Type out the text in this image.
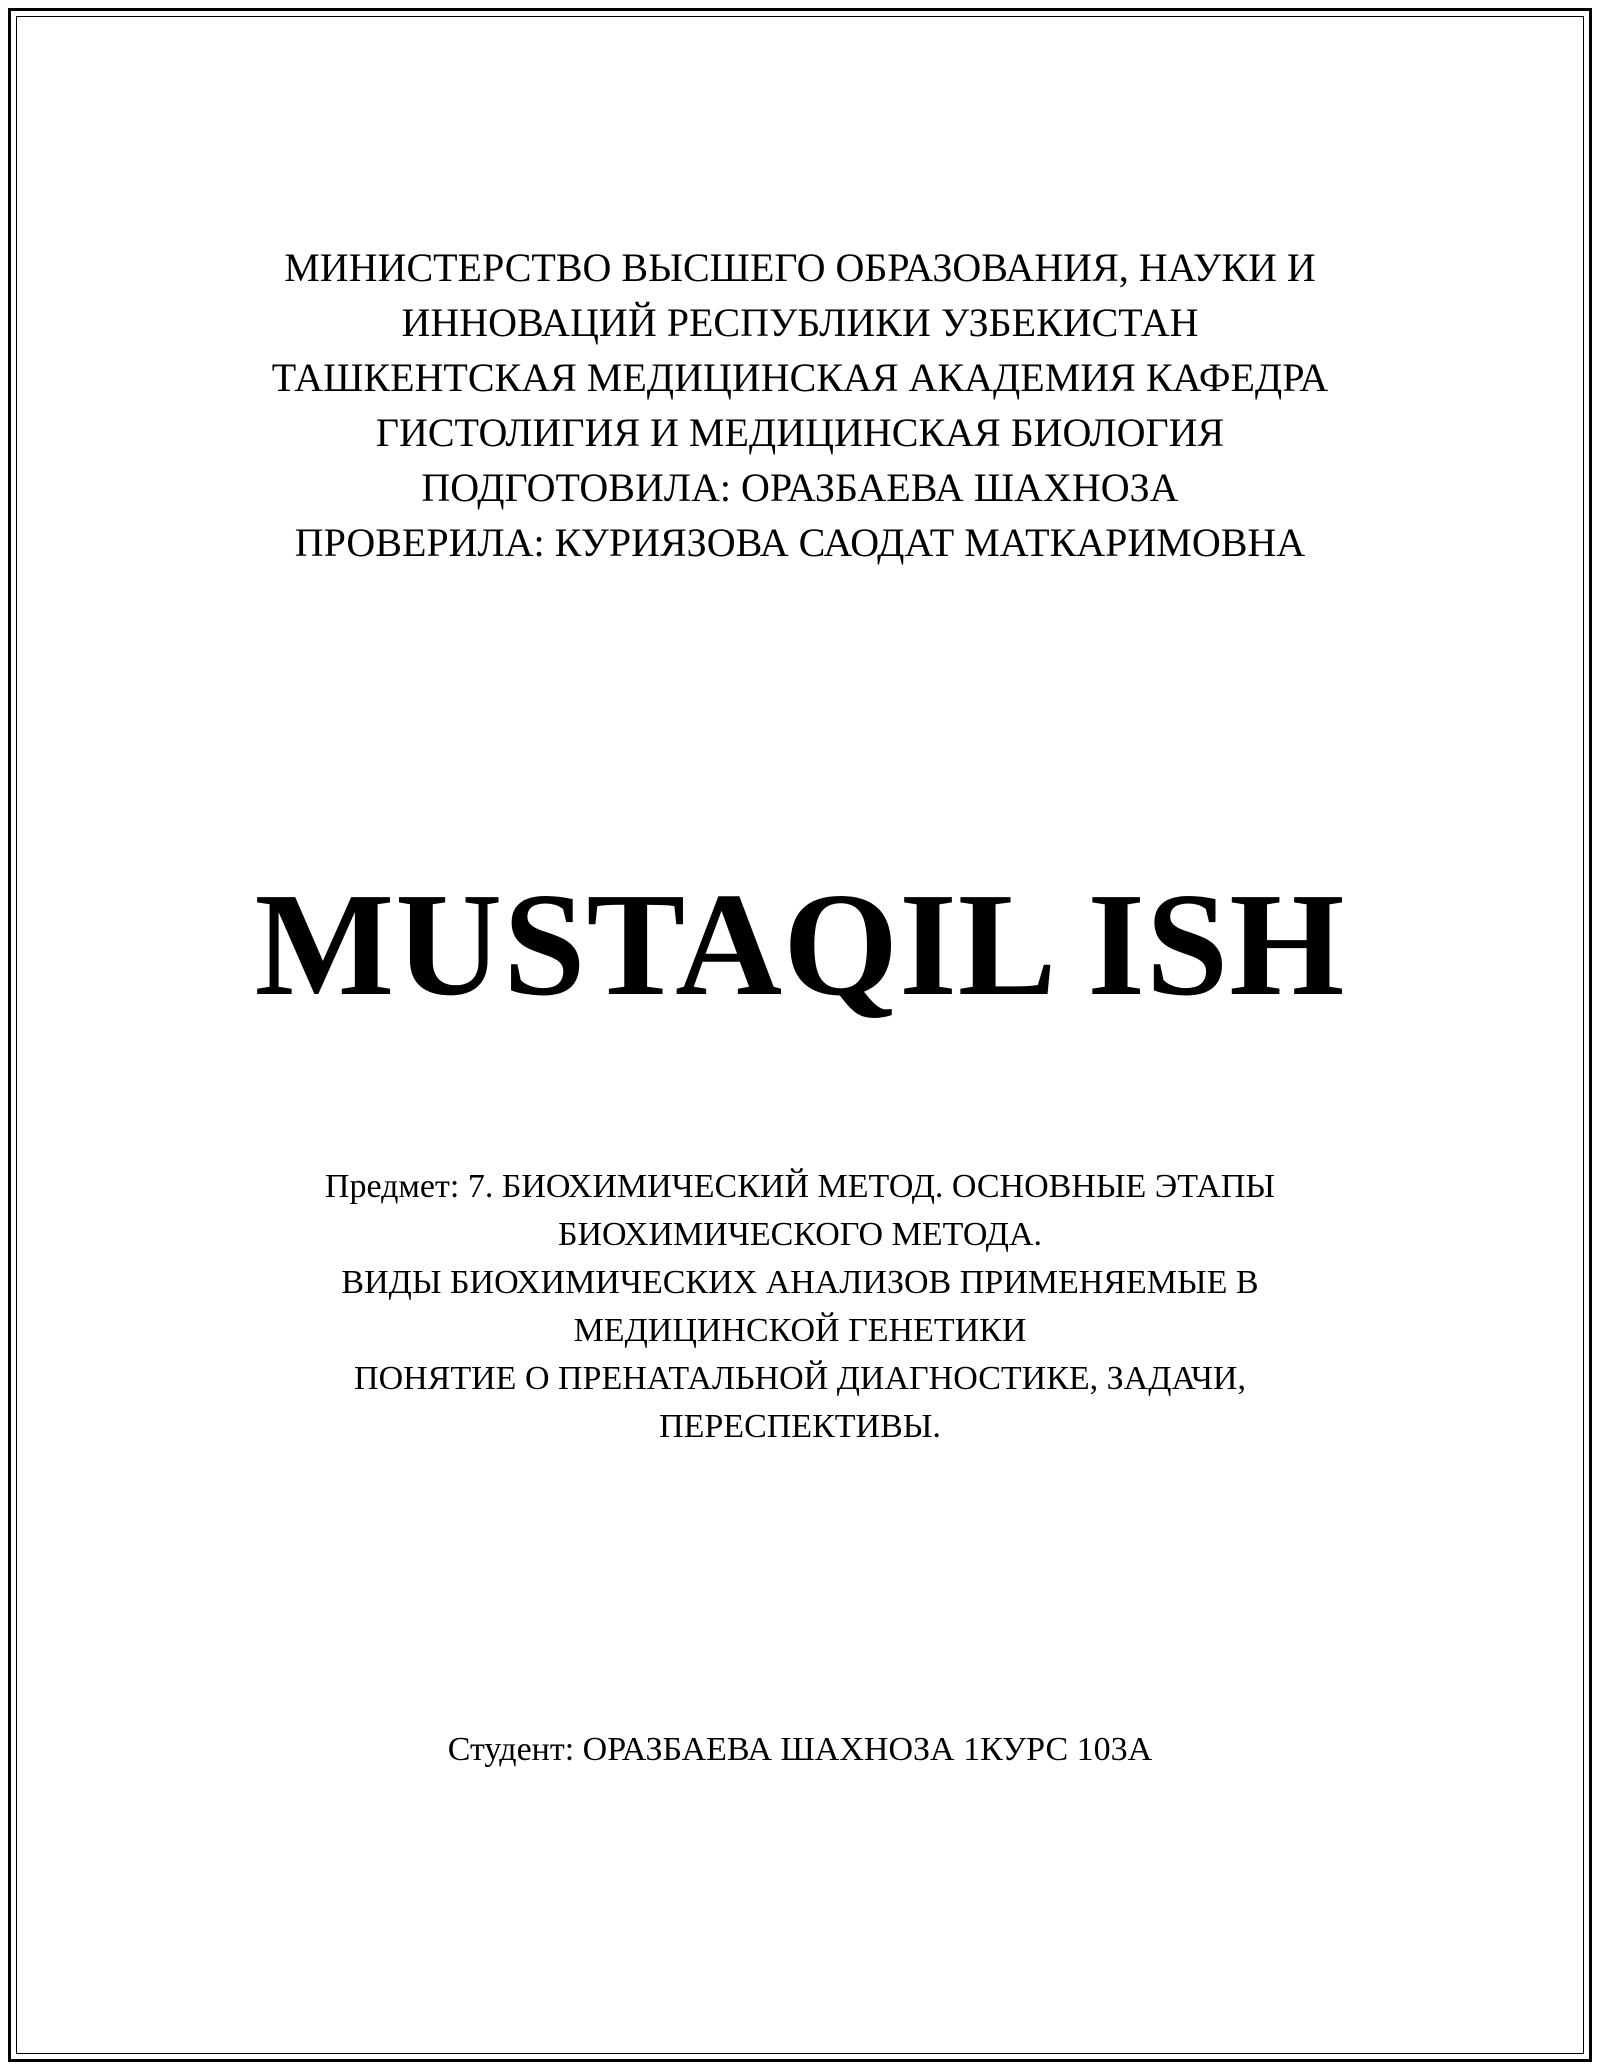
МИНИСТЕРСТВО ВЫСШЕГО ОБРАЗОВАНИЯ, НАУКИ И
ИННОВАЦИЙ РЕСПУБЛИКИ УЗБЕКИСТАН
ТАШКЕНТСКАЯ МЕДИЦИНСКАЯ АКАДЕМИЯ КАФЕДРА
ГИСТОЛИГИЯ И МЕДИЦИНСКАЯ БИОЛОГИЯ
ПОДГОТОВИЛА: ОРАЗБАЕВА ШАХНОЗА
ПРОВЕРИЛА: КУРИЯЗОВА САОДАТ МАТКАРИМОВНА
MUSTAQIL ISH
Предмет: 7. БИОХИМИЧЕСКИЙ МЕТОД. ОСНОВНЫЕ ЭТАПЫ
БИОХИМИЧЕСКОГО МЕТОДА.
ВИДЫ БИОХИМИЧЕСКИХ АНАЛИЗОВ ПРИМЕНЯЕМЫЕ В
МЕДИЦИНСКОЙ ГЕНЕТИКИ
ПОНЯТИЕ О ПРЕНАТАЛЬНОЙ ДИАГНОСТИКЕ, ЗАДАЧИ,
ПЕРЕСПЕКТИВЫ.
Студент: ОРАЗБАЕВА ШАХНОЗА 1КУРС 103А
